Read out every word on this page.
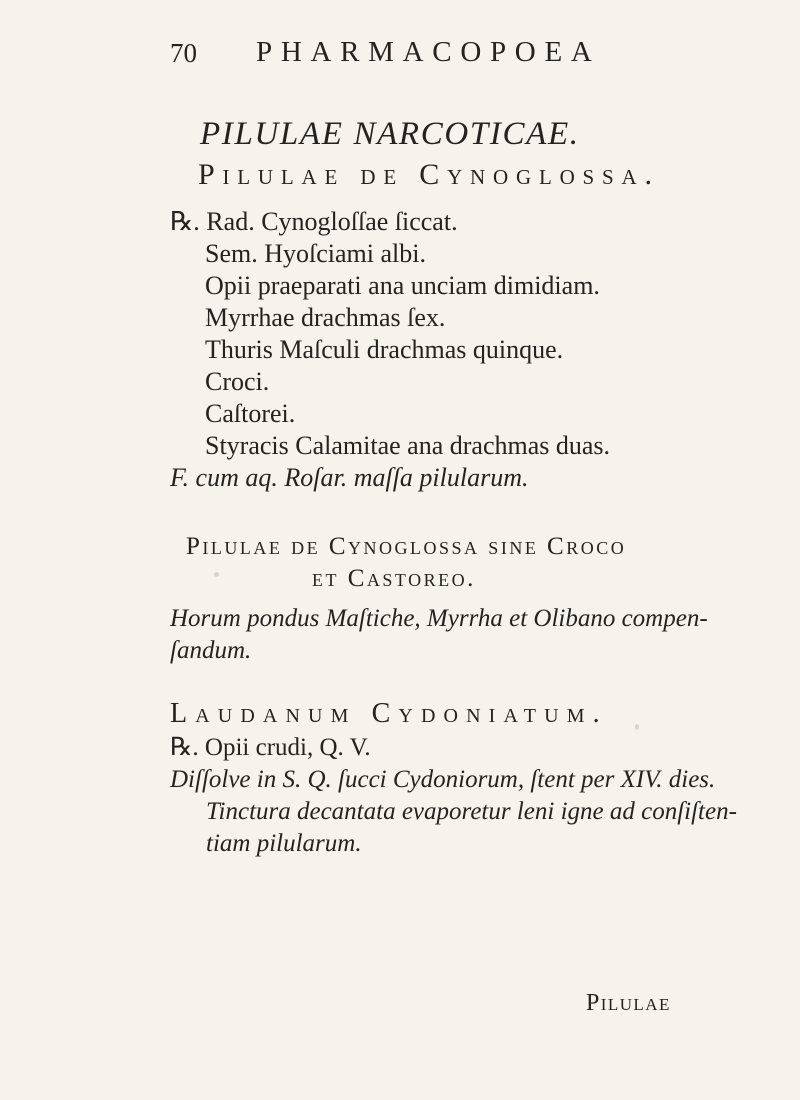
70 PHARMACOPOEA
PILULAE NARCOTICAE.
Pilulae de Cynoglossa.
℞. Rad. Cynogloſſae ſiccat.
Sem. Hyoſciami albi.
Opii praeparati ana unciam dimidiam.
Myrrhae drachmas ſex.
Thuris Maſculi drachmas quinque.
Croci.
Caſtorei.
Styracis Calamitae ana drachmas duas.
F. cum aq. Roſar. maſſa pilularum.
Pilulae de Cynoglossa sine Croco
et Castoreo.
Horum pondus Maſtiche, Myrrha et Olibano compen-
ſandum.
Laudanum Cydoniatum.
℞. Opii crudi, Q. V.
Diſſolve in S. Q. ſucci Cydoniorum, ſtent per XIV. dies.
Tinctura decantata evaporetur leni igne ad conſiſten-
tiam pilularum.
Pilulae
